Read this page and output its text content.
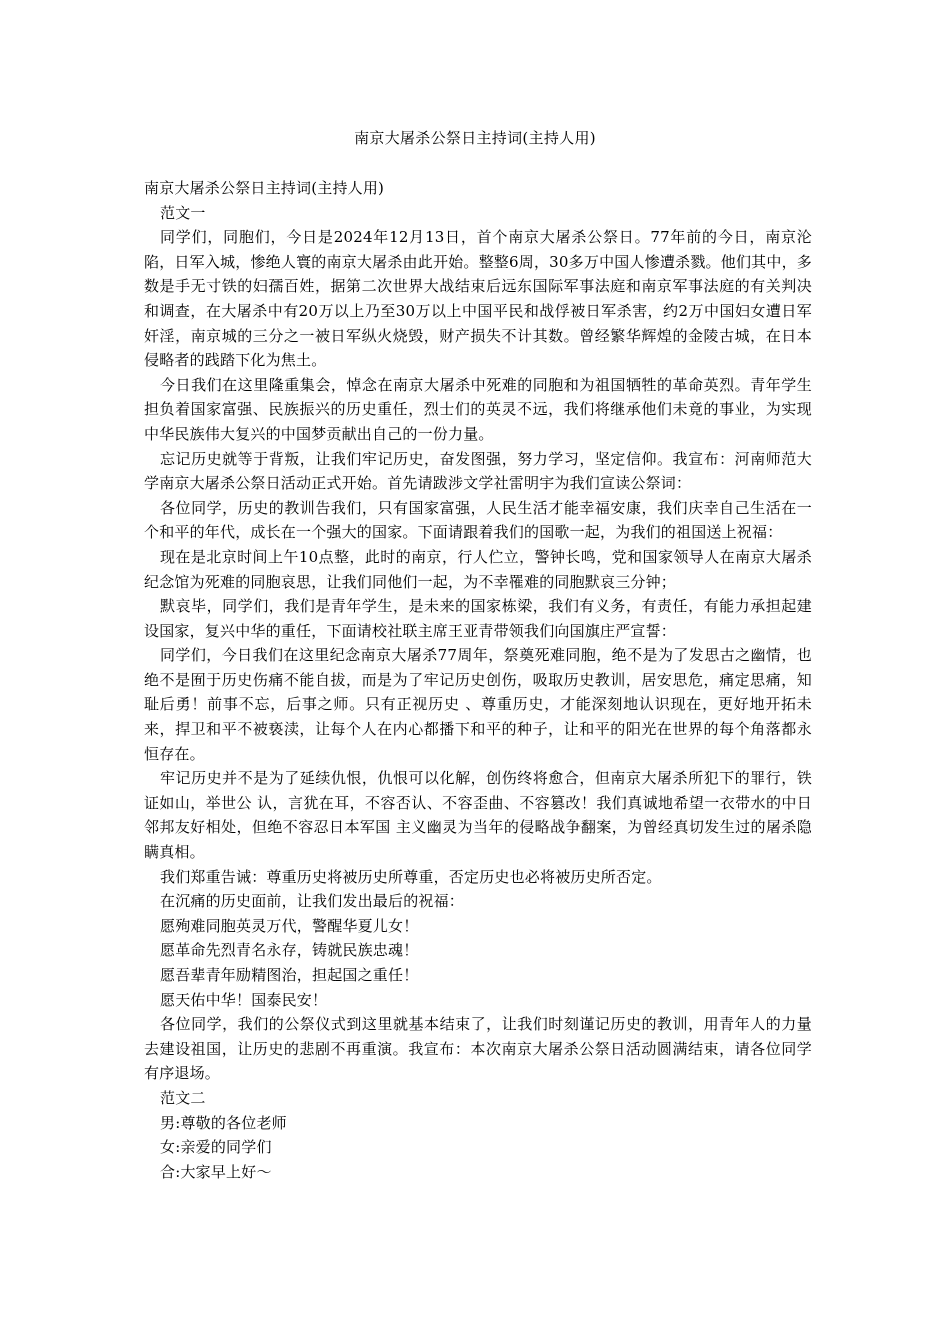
南京大屠杀公祭日主持词(主持人用)

南京大屠杀公祭日主持词(主持人用)

范文一

同学们，同胞们，今日是2024年12月13日，首个南京大屠杀公祭日。77年前的今日，南京沦陷，日军入城，惨绝人寰的南京大屠杀由此开始。整整6周，30多万中国人惨遭杀戮。他们其中，多数是手无寸铁的妇孺百姓，据第二次世界大战结束后远东国际军事法庭和南京军事法庭的有关判决和调查，在大屠杀中有20万以上乃至30万以上中国平民和战俘被日军杀害，约2万中国妇女遭日军奸淫，南京城的三分之一被日军纵火烧毁，财产损失不计其数。曾经繁华辉煌的金陵古城，在日本侵略者的践踏下化为焦土。

今日我们在这里隆重集会，悼念在南京大屠杀中死难的同胞和为祖国牺牲的革命英烈。青年学生担负着国家富强、民族振兴的历史重任，烈士们的英灵不远，我们将继承他们未竟的事业，为实现中华民族伟大复兴的中国梦贡献出自己的一份力量。

忘记历史就等于背叛，让我们牢记历史，奋发图强，努力学习，坚定信仰。我宣布：河南师范大学南京大屠杀公祭日活动正式开始。首先请跋涉文学社雷明宇为我们宣读公祭词：

各位同学，历史的教训告我们，只有国家富强，人民生活才能幸福安康，我们庆幸自己生活在一个和平的年代，成长在一个强大的国家。下面请跟着我们的国歌一起，为我们的祖国送上祝福：

现在是北京时间上午10点整，此时的南京，行人伫立，警钟长鸣，党和国家领导人在南京大屠杀纪念馆为死难的同胞哀思，让我们同他们一起，为不幸罹难的同胞默哀三分钟；

默哀毕，同学们，我们是青年学生，是未来的国家栋梁，我们有义务，有责任，有能力承担起建设国家，复兴中华的重任，下面请校社联主席王亚青带领我们向国旗庄严宣誓：

同学们，今日我们在这里纪念南京大屠杀77周年，祭奠死难同胞，绝不是为了发思古之幽情，也绝不是囿于历史伤痛不能自拔，而是为了牢记历史创伤，吸取历史教训，居安思危，痛定思痛，知耻后勇！前事不忘，后事之师。只有正视历史 、尊重历史，才能深刻地认识现在，更好地开拓未来，捍卫和平不被亵渎，让每个人在内心都播下和平的种子，让和平的阳光在世界的每个角落都永恒存在。

牢记历史并不是为了延续仇恨，仇恨可以化解，创伤终将愈合，但南京大屠杀所犯下的罪行，铁证如山，举世公 认，言犹在耳，不容否认、不容歪曲、不容篡改！我们真诚地希望一衣带水的中日邻邦友好相处，但绝不容忍日本军国 主义幽灵为当年的侵略战争翻案，为曾经真切发生过的屠杀隐瞒真相。

我们郑重告诫：尊重历史将被历史所尊重，否定历史也必将被历史所否定。

在沉痛的历史面前，让我们发出最后的祝福：

愿殉难同胞英灵万代，警醒华夏儿女！

愿革命先烈青名永存，铸就民族忠魂！

愿吾辈青年励精图治，担起国之重任！

愿天佑中华！国泰民安！

各位同学，我们的公祭仪式到这里就基本结束了，让我们时刻谨记历史的教训，用青年人的力量去建设祖国，让历史的悲剧不再重演。我宣布：本次南京大屠杀公祭日活动圆满结束，请各位同学有序退场。

范文二

男:尊敬的各位老师

女:亲爱的同学们

合:大家早上好～
